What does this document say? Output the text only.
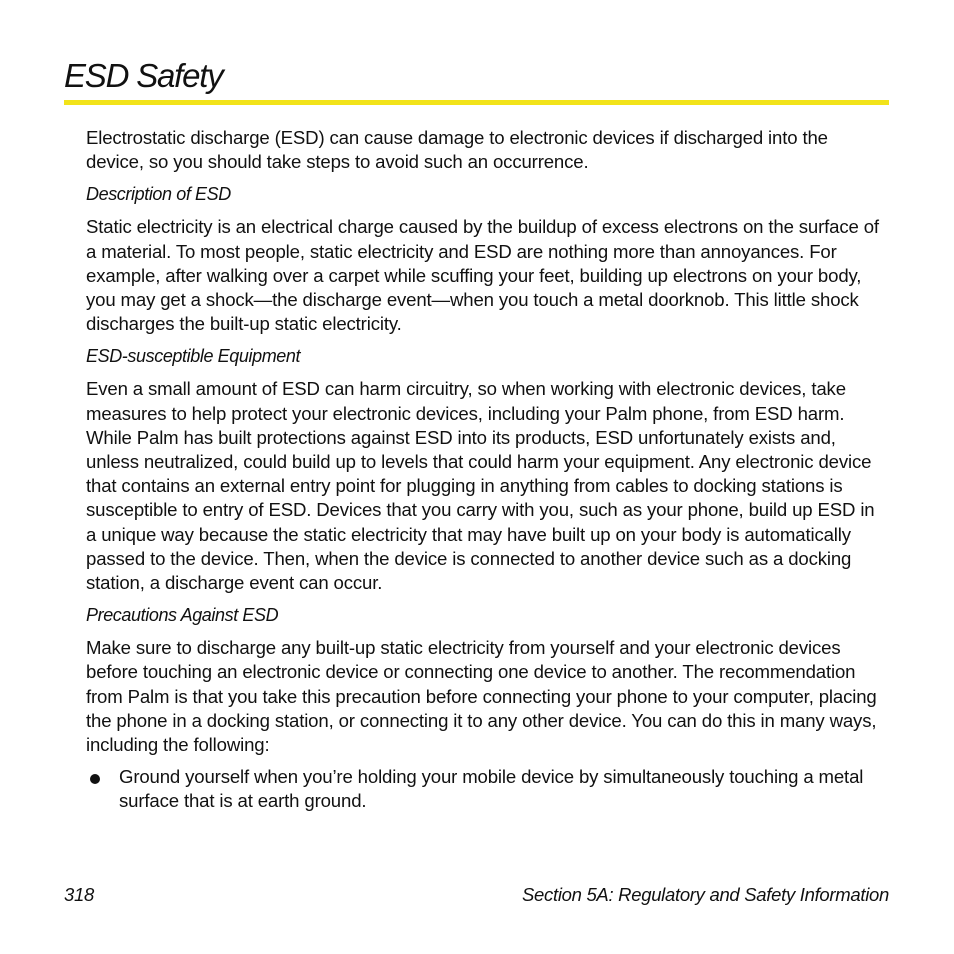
ESD Safety

Electrostatic discharge (ESD) can cause damage to electronic devices if discharged into the device, so you should take steps to avoid such an occurrence.

Description of ESD

Static electricity is an electrical charge caused by the buildup of excess electrons on the surface of a material. To most people, static electricity and ESD are nothing more than annoyances. For example, after walking over a carpet while scuffing your feet, building up electrons on your body, you may get a shock—the discharge event—when you touch a metal doorknob. This little shock discharges the built-up static electricity.

ESD-susceptible Equipment

Even a small amount of ESD can harm circuitry, so when working with electronic devices, take measures to help protect your electronic devices, including your Palm phone, from ESD harm. While Palm has built protections against ESD into its products, ESD unfortunately exists and, unless neutralized, could build up to levels that could harm your equipment. Any electronic device that contains an external entry point for plugging in anything from cables to docking stations is susceptible to entry of ESD. Devices that you carry with you, such as your phone, build up ESD in a unique way because the static electricity that may have built up on your body is automatically passed to the device. Then, when the device is connected to another device such as a docking station, a discharge event can occur.

Precautions Against ESD

Make sure to discharge any built-up static electricity from yourself and your electronic devices before touching an electronic device or connecting one device to another. The recommendation from Palm is that you take this precaution before connecting your phone to your computer, placing the phone in a docking station, or connecting it to any other device. You can do this in many ways, including the following:

Ground yourself when you’re holding your mobile device by simultaneously touching a metal surface that is at earth ground.

318	Section 5A: Regulatory and Safety Information
